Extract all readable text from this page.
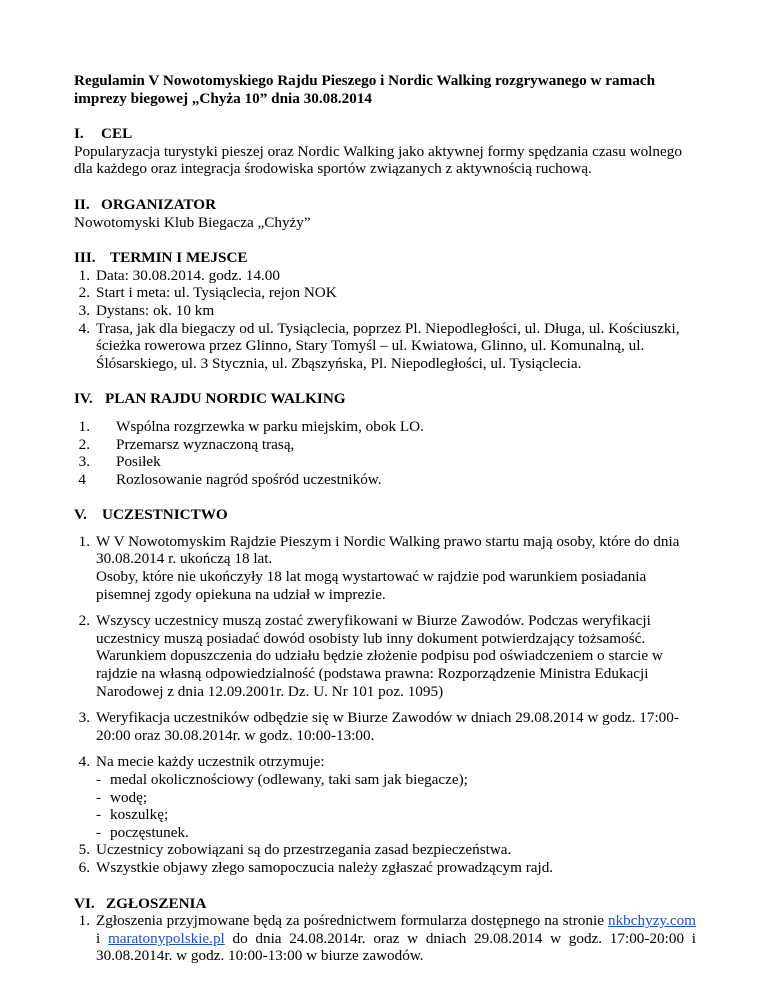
Regulamin V Nowotomyskiego Rajdu Pieszego i Nordic Walking rozgrywanego w ramach imprezy biegowej „Chyża 10” dnia 30.08.2014

I.	CEL

Popularyzacja turystyki pieszej oraz Nordic Walking jako aktywnej formy spędzania czasu wolnego dla każdego oraz integracja środowiska sportów związanych z aktywnością ruchową.

II. ORGANIZATOR

Nowotomyski Klub Biegacza „Chyży”

III. TERMIN I MEJSCE
1. Data: 30.08.2014. godz. 14.00
2. Start i meta: ul. Tysiąclecia, rejon NOK
3. Dystans: ok. 10 km
4. Trasa, jak dla biegaczy od ul. Tysiąclecia, poprzez Pl. Niepodległości, ul. Długa, ul. Kościuszki, ścieżka rowerowa przez Glinno, Stary Tomyśl – ul. Kwiatowa, Glinno, ul. Komunalną, ul. Ślósarskiego, ul. 3 Stycznia, ul. Zbąszyńska, Pl. Niepodległości, ul. Tysiąclecia.
IV. PLAN RAJDU NORDIC WALKING
1.	Wspólna rozgrzewka w parku miejskim, obok LO.
2.	Przemarsz wyznaczoną trasą,
3.	Posiłek
4	Rozlosowanie nagród spośród uczestników.
V. UCZESTNICTWO
1. W V Nowotomyskim Rajdzie Pieszym i Nordic Walking prawo startu mają osoby, które do dnia 30.08.2014 r. ukończą 18 lat.
Osoby, które nie ukończyły 18 lat mogą wystartować w rajdzie pod warunkiem posiadania pisemnej zgody opiekuna na udział w imprezie.
2. Wszyscy uczestnicy muszą zostać zweryfikowani w Biurze Zawodów. Podczas weryfikacji uczestnicy muszą posiadać dowód osobisty lub inny dokument potwierdzający tożsamość. Warunkiem dopuszczenia do udziału będzie złożenie podpisu pod oświadczeniem o starcie w rajdzie na własną odpowiedzialność (podstawa prawna: Rozporządzenie Ministra Edukacji Narodowej z dnia 12.09.2001r. Dz. U. Nr 101 poz. 1095)
3. Weryfikacja uczestników odbędzie się w Biurze Zawodów w dniach 29.08.2014 w godz. 17:00-20:00 oraz 30.08.2014r. w godz. 10:00-13:00.
4. Na mecie każdy uczestnik otrzymuje:
- medal okolicznościowy (odlewany, taki sam jak biegacze);
- wodę;
- koszulkę;
- poczęstunek.
5. Uczestnicy zobowiązani są do przestrzegania zasad bezpieczeństwa.
6. Wszystkie objawy złego samopoczucia należy zgłaszać prowadzącym rajd.
VI. ZGŁOSZENIA
1. Zgłoszenia przyjmowane będą za pośrednictwem formularza dostępnego na stronie nkbchyzy.com i maratonypolskie.pl do dnia 24.08.2014r. oraz w dniach 29.08.2014 w godz. 17:00-20:00 i 30.08.2014r. w godz. 10:00-13:00 w biurze zawodów.
